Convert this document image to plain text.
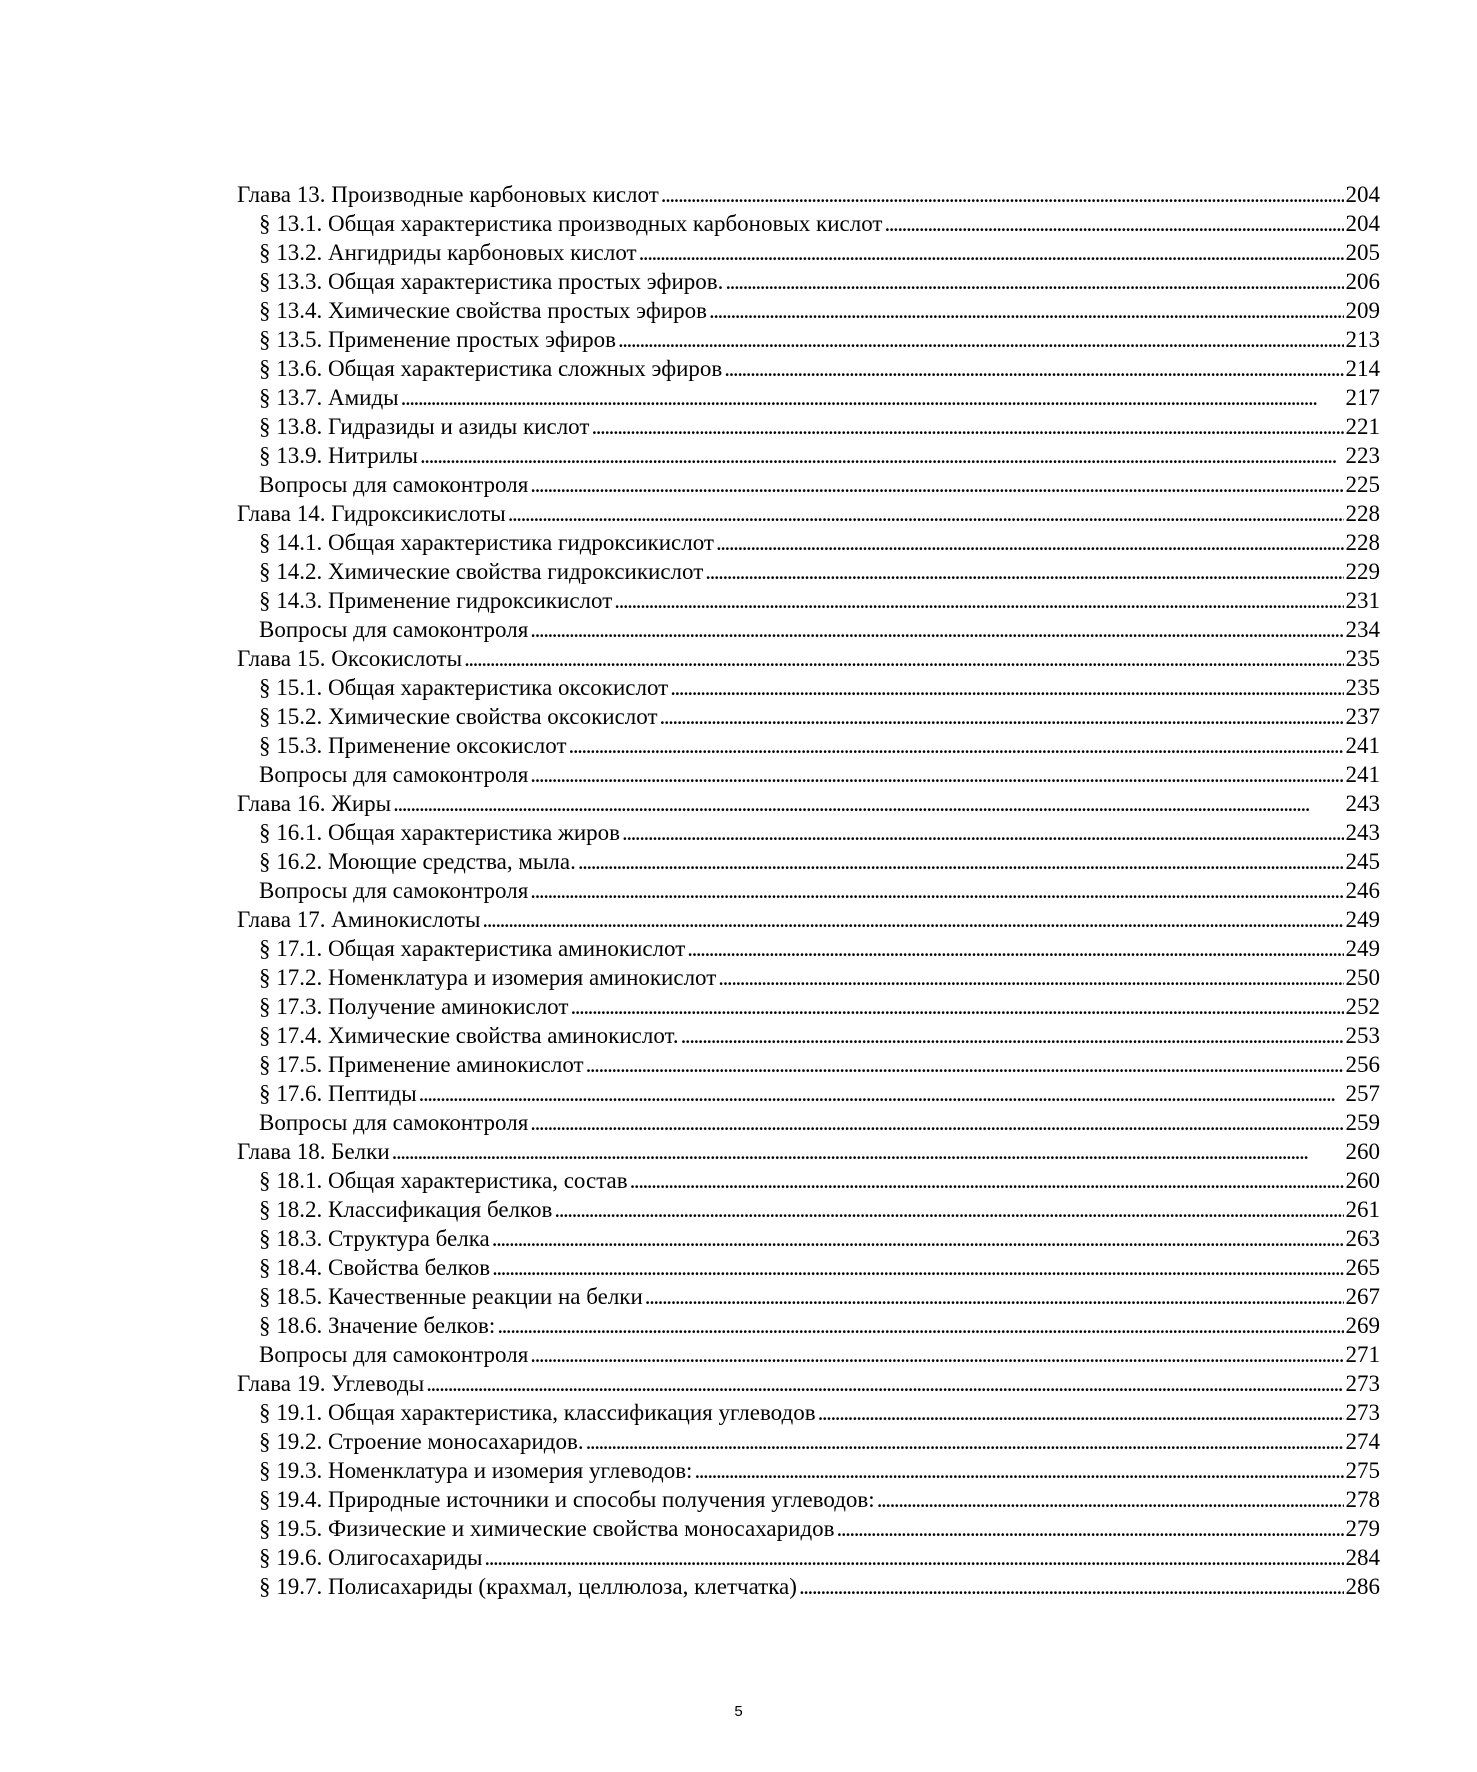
Глава 13. Производные карбоновых кислот . . .	204
§ 13.1. Общая характеристика производных карбоновых кислот . . .	204
§ 13.2. Ангидриды карбоновых кислот . . .	205
§ 13.3. Общая характеристика простых эфиров. . . .	206
§ 13.4. Химические свойства простых эфиров . . .	209
§ 13.5. Применение простых эфиров . . .	213
§ 13.6. Общая характеристика сложных эфиров . . .	214
§ 13.7. Амиды . . .	217
§ 13.8. Гидразиды и азиды кислот . . .	221
§ 13.9. Нитрилы . . .	223
Вопросы для самоконтроля . . .	225
Глава 14. Гидроксикислоты . . .	228
§ 14.1. Общая характеристика гидроксикислот . . .	228
§ 14.2. Химические свойства гидроксикислот . . .	229
§ 14.3. Применение гидроксикислот . . .	231
Вопросы для самоконтроля . . .	234
Глава 15. Оксокислоты . . .	235
§ 15.1. Общая характеристика оксокислот . . .	235
§ 15.2. Химические свойства оксокислот . . .	237
§ 15.3. Применение оксокислот . . .	241
Вопросы для самоконтроля . . .	241
Глава 16. Жиры . . .	243
§ 16.1. Общая характеристика жиров . . .	243
§ 16.2. Моющие средства, мыла. . . .	245
Вопросы для самоконтроля . . .	246
Глава 17. Аминокислоты . . .	249
§ 17.1. Общая характеристика аминокислот . . .	249
§ 17.2. Номенклатура и изомерия аминокислот . . .	250
§ 17.3. Получение аминокислот . . .	252
§ 17.4. Химические свойства аминокислот. . . .	253
§ 17.5. Применение аминокислот . . .	256
§ 17.6. Пептиды . . .	257
Вопросы для самоконтроля . . .	259
Глава 18. Белки . . .	260
§ 18.1. Общая характеристика, состав . . .	260
§ 18.2. Классификация белков . . .	261
§ 18.3. Структура белка . . .	263
§ 18.4. Свойства белков . . .	265
§ 18.5. Качественные реакции на белки . . .	267
§ 18.6. Значение белков: . . .	269
Вопросы для самоконтроля . . .	271
Глава 19. Углеводы . . .	273
§ 19.1. Общая характеристика, классификация углеводов . . .	273
§ 19.2. Строение моносахаридов. . . .	274
§ 19.3. Номенклатура и изомерия углеводов: . . .	275
§ 19.4. Природные источники и способы получения углеводов: . . .	278
§ 19.5. Физические и химические свойства моносахаридов . . .	279
§ 19.6. Олигосахариды . . .	284
§ 19.7. Полисахариды (крахмал, целлюлоза, клетчатка) . . .	286
5
